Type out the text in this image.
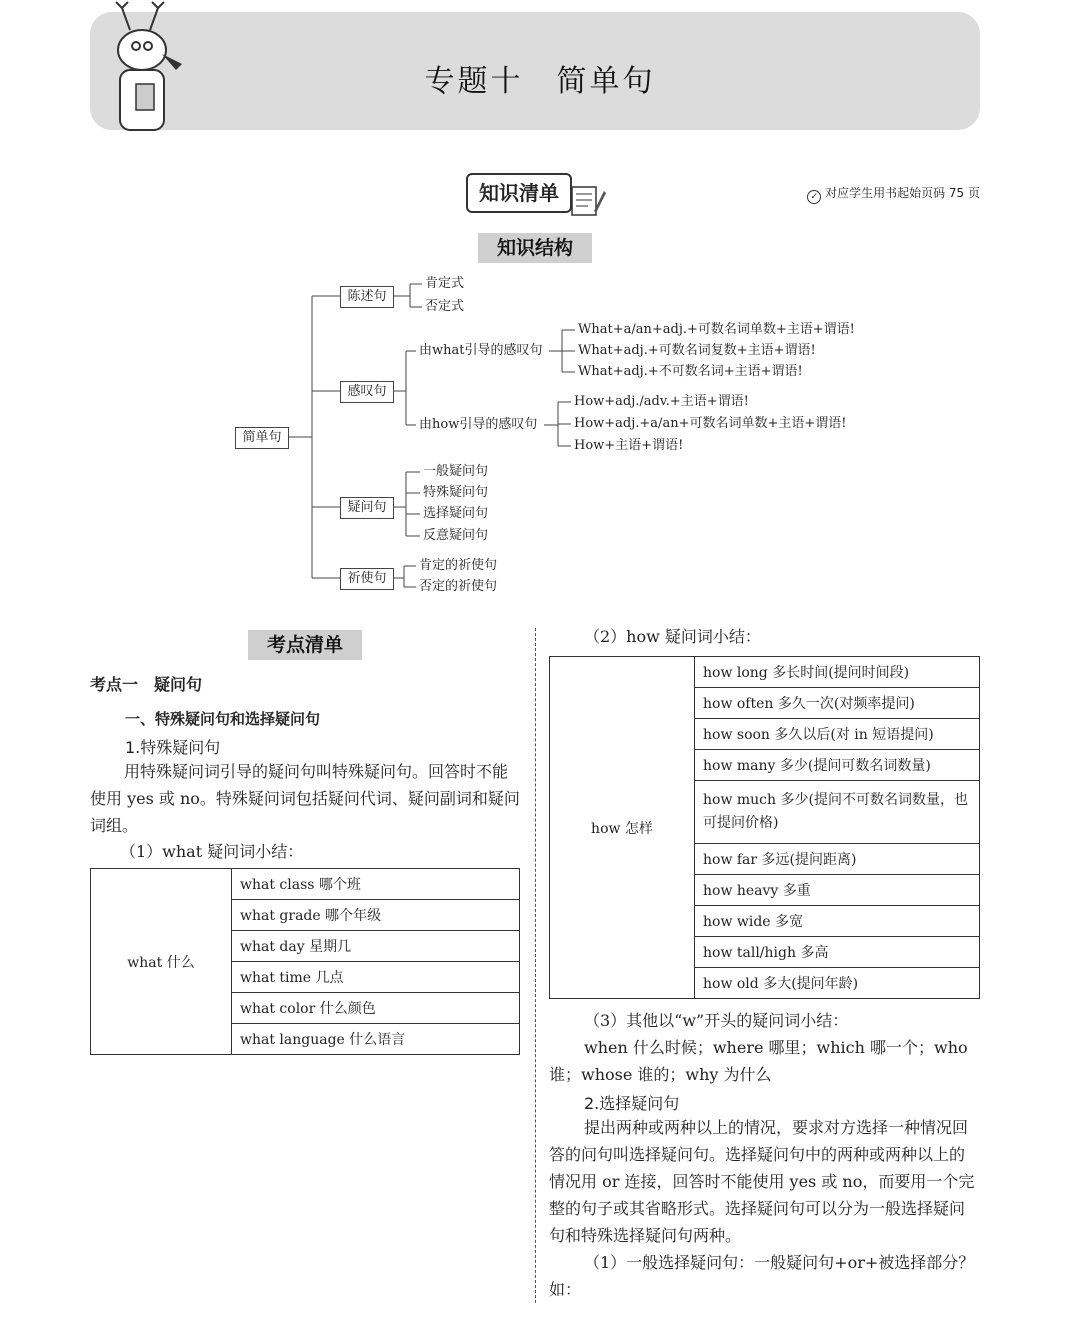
专题十　简单句
知识清单	✓ 对应学生用书起始页码 75 页
知识结构
简单句
陈述句
感叹句
疑问句
祈使句
肯定式
否定式
由what引导的感叹句
What+a/an+adj.+可数名词单数+主语+谓语!
What+adj.+可数名词复数+主语+谓语!
What+adj.+不可数名词+主语+谓语!
由how引导的感叹句
How+adj./adv.+主语+谓语!
How+adj.+a/an+可数名词单数+主语+谓语!
How+主语+谓语!
一般疑问句
特殊疑问句
选择疑问句
反意疑问句
肯定的祈使句
否定的祈使句
考点清单
考点一　疑问句
一、特殊疑问句和选择疑问句
1.特殊疑问句
用特殊疑问词引导的疑问句叫特殊疑问句。回答时不能使用 yes 或 no。特殊疑问词包括疑问代词、疑问副词和疑问词组。
（1）what 疑问词小结：
what 什么	what class 哪个班
what grade 哪个年级
what day 星期几
what time 几点
what color 什么颜色
what language 什么语言
（2）how 疑问词小结：
how 怎样	how long 多长时间(提问时间段)
how often 多久一次(对频率提问)
how soon 多久以后(对 in 短语提问)
how many 多少(提问可数名词数量)
how much 多少(提问不可数名词数量，也可提问价格)
how far 多远(提问距离)
how heavy 多重
how wide 多宽
how tall/high 多高
how old 多大(提问年龄)
（3）其他以“w”开头的疑问词小结：
when 什么时候；where 哪里；which 哪一个；who 谁；whose 谁的；why 为什么
2.选择疑问句
提出两种或两种以上的情况，要求对方选择一种情况回答的问句叫选择疑问句。选择疑问句中的两种或两种以上的情况用 or 连接，回答时不能使用 yes 或 no，而要用一个完整的句子或其省略形式。选择疑问句可以分为一般选择疑问句和特殊选择疑问句两种。
（1）一般选择疑问句：一般疑问句+or+被选择部分？如：
